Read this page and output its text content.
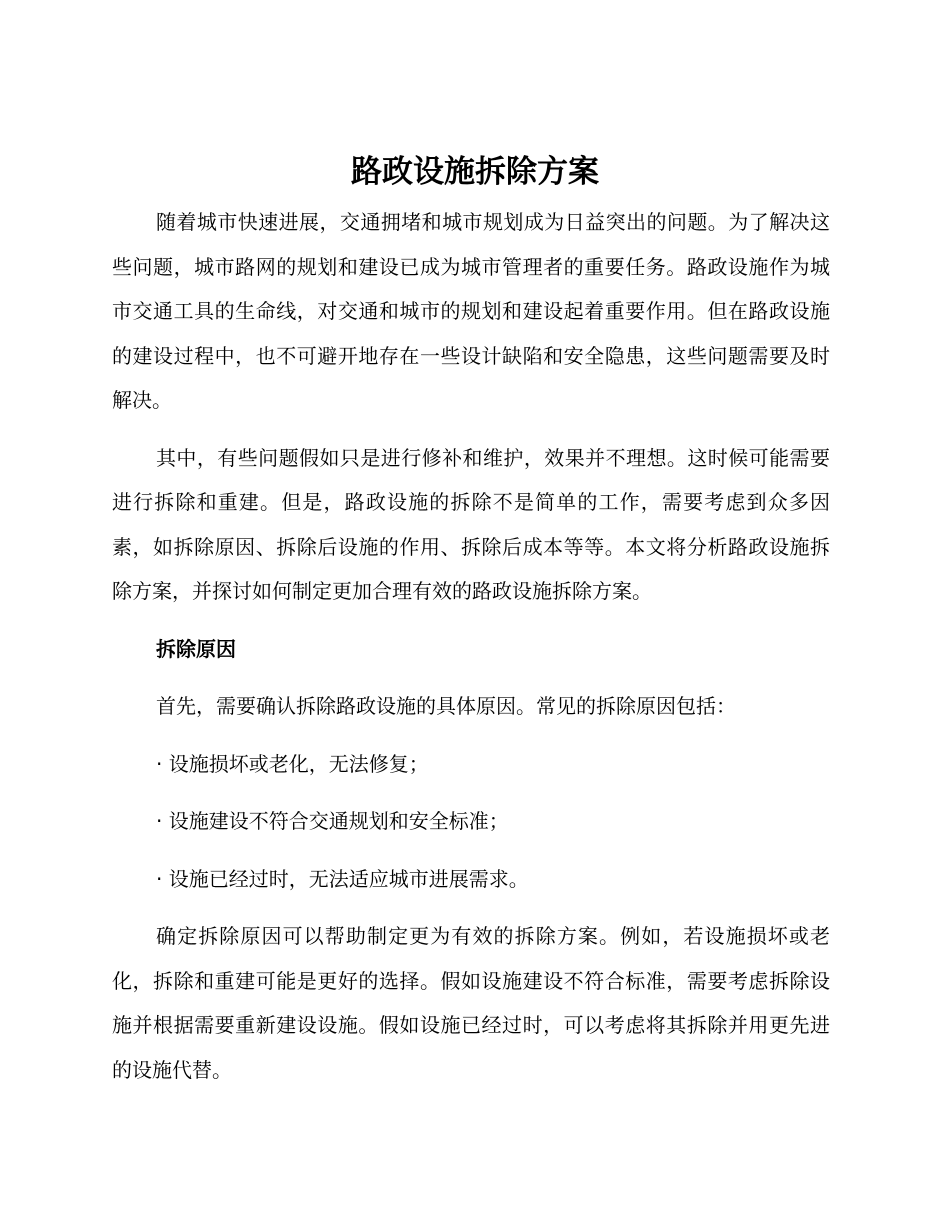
路政设施拆除方案

随着城市快速进展，交通拥堵和城市规划成为日益突出的问题。为了解决这些问题，城市路网的规划和建设已成为城市管理者的重要任务。路政设施作为城市交通工具的生命线，对交通和城市的规划和建设起着重要作用。但在路政设施的建设过程中，也不可避开地存在一些设计缺陷和安全隐患，这些问题需要及时解决。

其中，有些问题假如只是进行修补和维护，效果并不理想。这时候可能需要进行拆除和重建。但是，路政设施的拆除不是简单的工作，需要考虑到众多因素，如拆除原因、拆除后设施的作用、拆除后成本等等。本文将分析路政设施拆除方案，并探讨如何制定更加合理有效的路政设施拆除方案。

拆除原因

首先，需要确认拆除路政设施的具体原因。常见的拆除原因包括：

· 设施损坏或老化，无法修复；
· 设施建设不符合交通规划和安全标准；
· 设施已经过时，无法适应城市进展需求。

确定拆除原因可以帮助制定更为有效的拆除方案。例如，若设施损坏或老化，拆除和重建可能是更好的选择。假如设施建设不符合标准，需要考虑拆除设施并根据需要重新建设设施。假如设施已经过时，可以考虑将其拆除并用更先进的设施代替。
